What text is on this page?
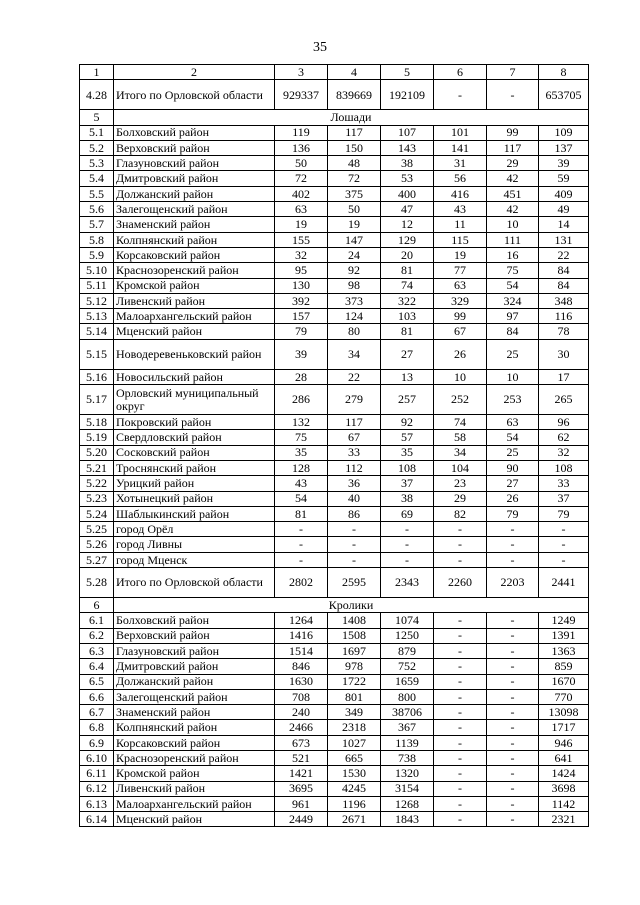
35
1	2	3	4	5	6	7	8
4.28	Итого по Орловской области	929337	839669	192109	-	-	653705
5	Лошади						
5.1	Болховский район	119	117	107	101	99	109
5.2	Верховский район	136	150	143	141	117	137
5.3	Глазуновский район	50	48	38	31	29	39
5.4	Дмитровский район	72	72	53	56	42	59
5.5	Должанский район	402	375	400	416	451	409
5.6	Залегощенский район	63	50	47	43	42	49
5.7	Знаменский район	19	19	12	11	10	14
5.8	Колпнянский район	155	147	129	115	111	131
5.9	Корсаковский район	32	24	20	19	16	22
5.10	Краснозоренский район	95	92	81	77	75	84
5.11	Кромской район	130	98	74	63	54	84
5.12	Ливенский район	392	373	322	329	324	348
5.13	Малоархангельский район	157	124	103	99	97	116
5.14	Мценский район	79	80	81	67	84	78
5.15	Новодеревеньковский район	39	34	27	26	25	30
5.16	Новосильский район	28	22	13	10	10	17
5.17	Орловский муниципальный округ	286	279	257	252	253	265
5.18	Покровский район	132	117	92	74	63	96
5.19	Свердловский район	75	67	57	58	54	62
5.20	Сосковский район	35	33	35	34	25	32
5.21	Троснянский район	128	112	108	104	90	108
5.22	Урицкий район	43	36	37	23	27	33
5.23	Хотынецкий район	54	40	38	29	26	37
5.24	Шаблыкинский район	81	86	69	82	79	79
5.25	город Орёл	-	-	-	-	-	-
5.26	город Ливны	-	-	-	-	-	-
5.27	город Мценск	-	-	-	-	-	-
5.28	Итого по Орловской области	2802	2595	2343	2260	2203	2441
6	Кролики						
6.1	Болховский район	1264	1408	1074	-	-	1249
6.2	Верховский район	1416	1508	1250	-	-	1391
6.3	Глазуновский район	1514	1697	879	-	-	1363
6.4	Дмитровский район	846	978	752	-	-	859
6.5	Должанский район	1630	1722	1659	-	-	1670
6.6	Залегощенский район	708	801	800	-	-	770
6.7	Знаменский район	240	349	38706	-	-	13098
6.8	Колпнянский район	2466	2318	367	-	-	1717
6.9	Корсаковский район	673	1027	1139	-	-	946
6.10	Краснозоренский район	521	665	738	-	-	641
6.11	Кромской район	1421	1530	1320	-	-	1424
6.12	Ливенский район	3695	4245	3154	-	-	3698
6.13	Малоархангельский район	961	1196	1268	-	-	1142
6.14	Мценский район	2449	2671	1843	-	-	2321
